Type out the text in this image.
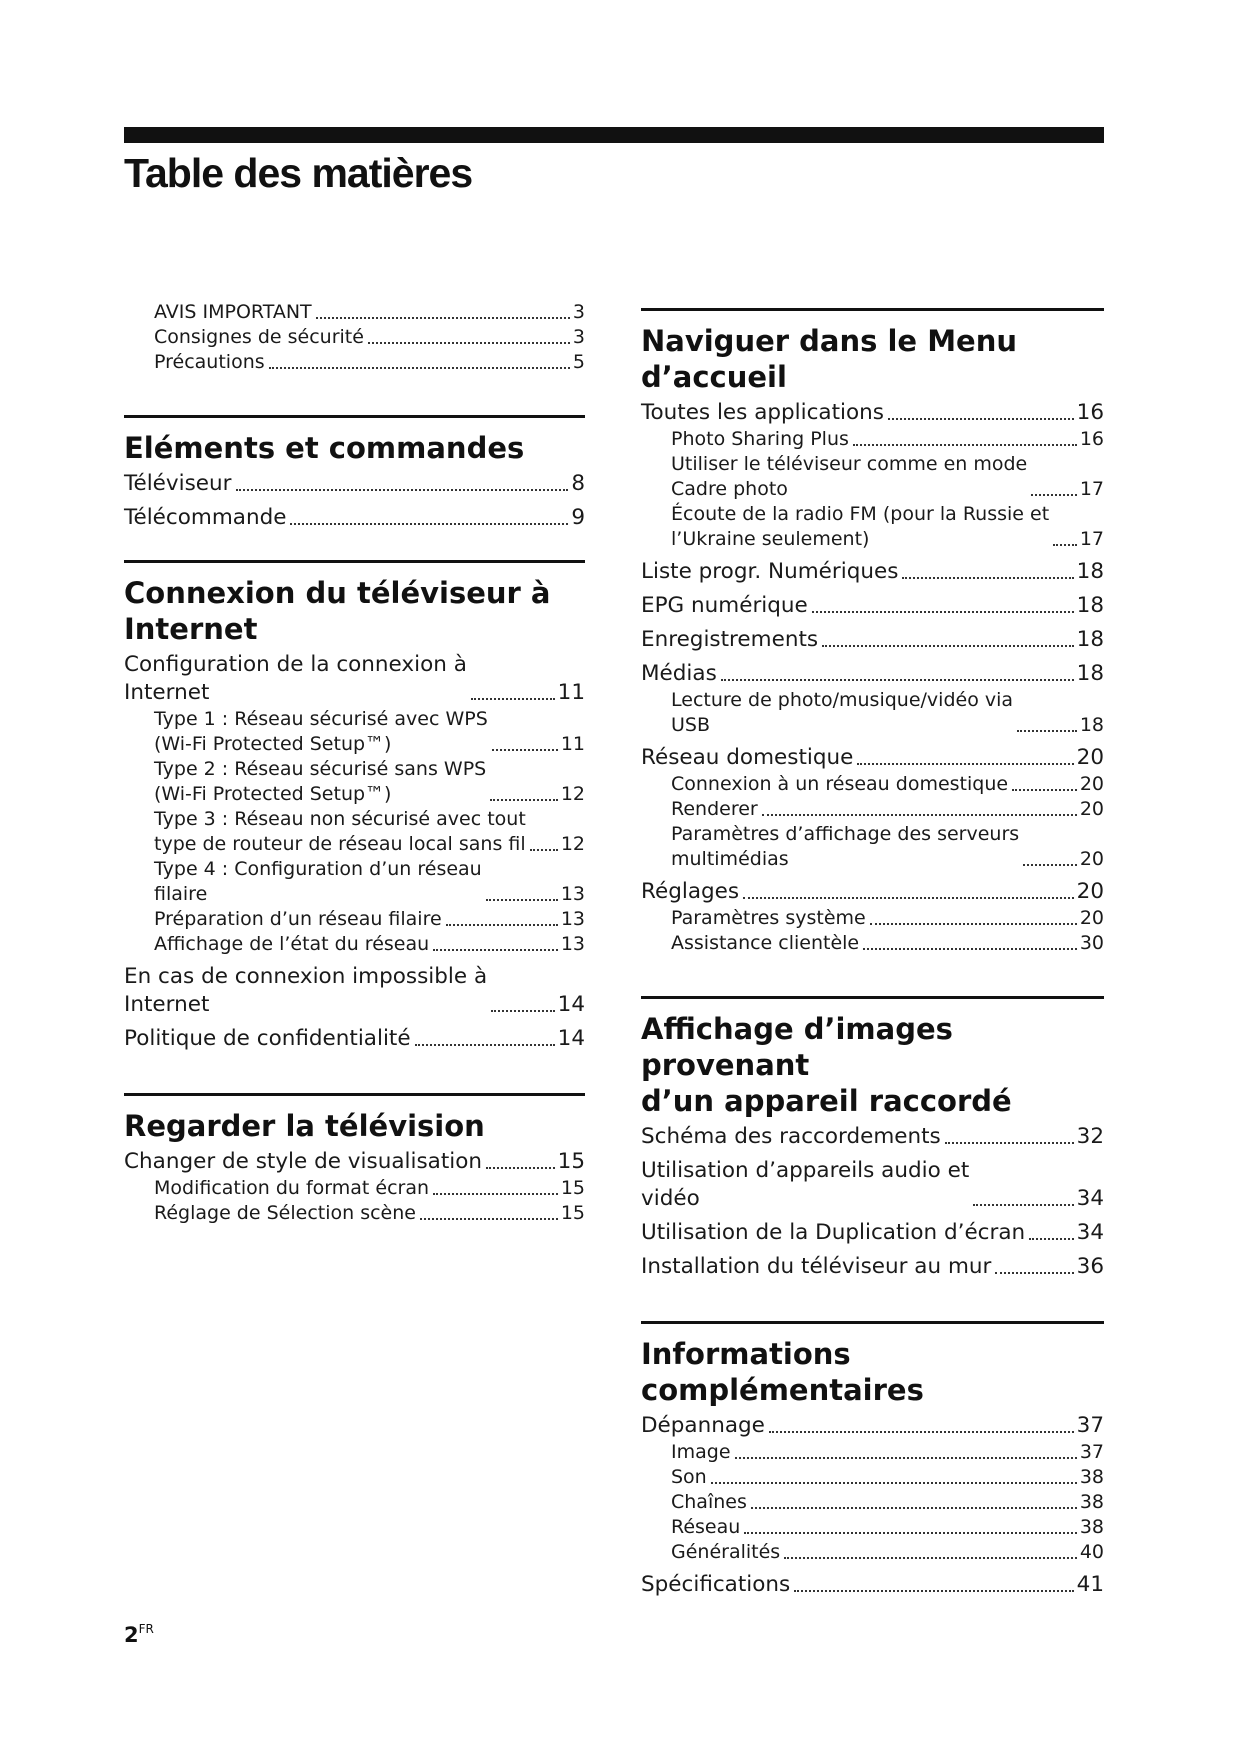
Table des matières
AVIS IMPORTANT	3
Consignes de sécurité	3
Précautions	5
Eléments et commandes
Téléviseur	8
Télécommande	9
Connexion du téléviseur à
Internet
Configuration de la connexion à
Internet	11
Type 1 : Réseau sécurisé avec WPS
(Wi-Fi Protected Setup™)	11
Type 2 : Réseau sécurisé sans WPS
(Wi-Fi Protected Setup™)	12
Type 3 : Réseau non sécurisé avec tout
type de routeur de réseau local sans fil 12
Type 4 : Configuration d’un réseau
filaire	13
Préparation d’un réseau filaire	13
Affichage de l’état du réseau	13
En cas de connexion impossible à
Internet	14
Politique de confidentialité	14
Regarder la télévision
Changer de style de visualisation	15
Modification du format écran	15
Réglage de Sélection scène	15
Naviguer dans le Menu
d’accueil
Toutes les applications	16
Photo Sharing Plus	16
Utiliser le téléviseur comme en mode
Cadre photo	17
Écoute de la radio FM (pour la Russie et
l’Ukraine seulement)	17
Liste progr. Numériques	18
EPG numérique	18
Enregistrements	18
Médias	18
Lecture de photo/musique/vidéo via
USB	18
Réseau domestique	20
Connexion à un réseau domestique	20
Renderer	20
Paramètres d’affichage des serveurs
multimédias	20
Réglages	20
Paramètres système	20
Assistance clientèle	30
Affichage d’images provenant
d’un appareil raccordé
Schéma des raccordements	32
Utilisation d’appareils audio et
vidéo	34
Utilisation de la Duplication d’écran 34
Installation du téléviseur au mur	36
Informations complémentaires
Dépannage	37
Image	37
Son	38
Chaînes	38
Réseau	38
Généralités	40
Spécifications	41
$2^{FR}$
